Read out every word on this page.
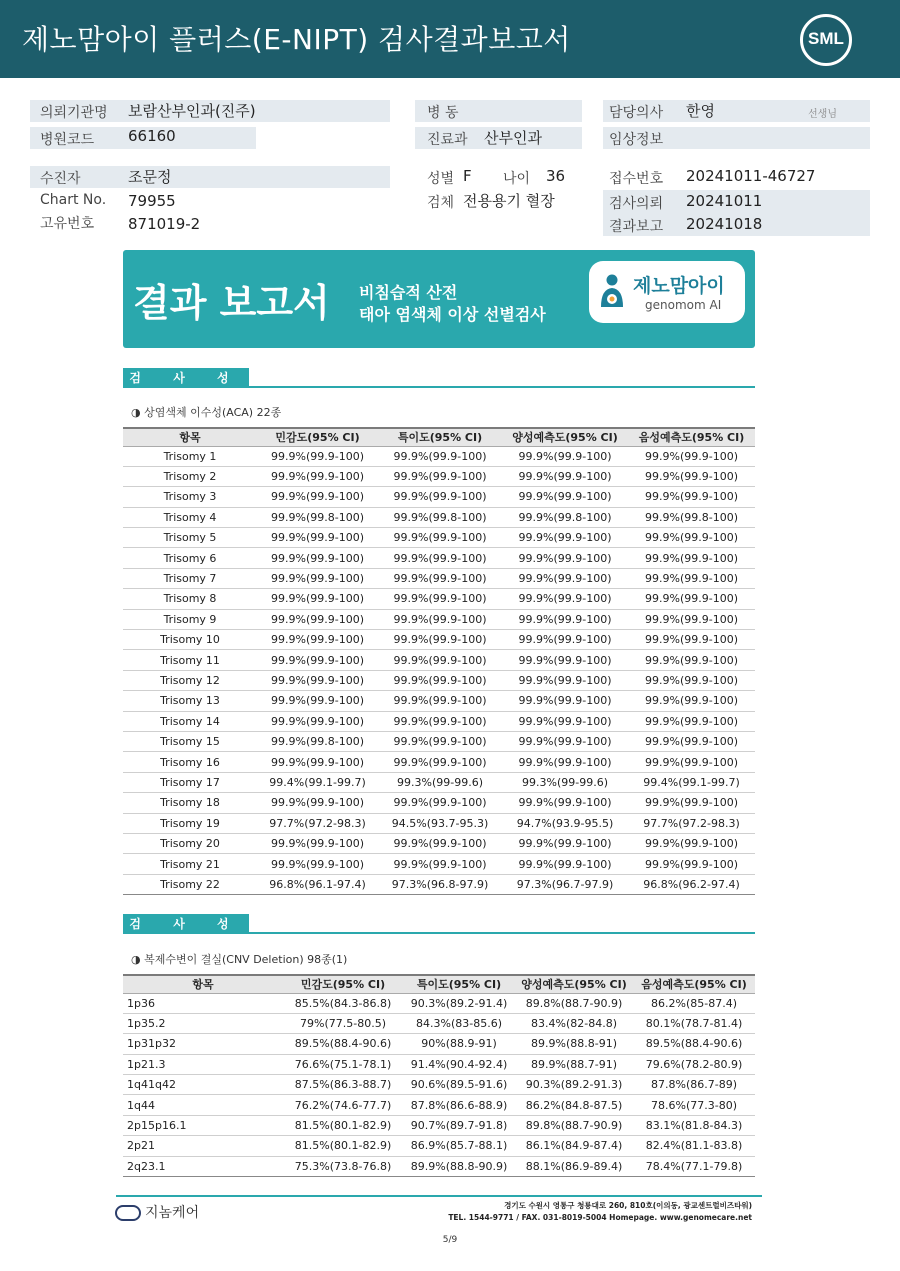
제노맘아이 플러스(E-NIPT) 검사결과보고서	SML
의뢰기관명 보람산부인과(진주)
병원코드 66160
병 동
진료과 산부인과
담당의사 한영	선생님
임상정보
수진자	조문정
Chart No. 79955
고유번호 871019-2
성별 F 나이 36
검체 전용용기 혈장
접수번호 20241011-46727
검사의뢰 20241011
결과보고 20241018
결과 보고서 비침습적 산전
태아 염색체 이상 선별검사
제노맘아이
genomom AI
검 사 성 능
◑ 상염색체 이수성(ACA) 22종
항목	민감도(95% CI)	특이도(95% CI)	양성예측도(95% CI)	음성예측도(95% CI)
Trisomy 1	99.9%(99.9-100)	99.9%(99.9-100)	99.9%(99.9-100)	99.9%(99.9-100)
Trisomy 2	99.9%(99.9-100)	99.9%(99.9-100)	99.9%(99.9-100)	99.9%(99.9-100)
Trisomy 3	99.9%(99.9-100)	99.9%(99.9-100)	99.9%(99.9-100)	99.9%(99.9-100)
Trisomy 4	99.9%(99.8-100)	99.9%(99.8-100)	99.9%(99.8-100)	99.9%(99.8-100)
Trisomy 5	99.9%(99.9-100)	99.9%(99.9-100)	99.9%(99.9-100)	99.9%(99.9-100)
Trisomy 6	99.9%(99.9-100)	99.9%(99.9-100)	99.9%(99.9-100)	99.9%(99.9-100)
Trisomy 7	99.9%(99.9-100)	99.9%(99.9-100)	99.9%(99.9-100)	99.9%(99.9-100)
Trisomy 8	99.9%(99.9-100)	99.9%(99.9-100)	99.9%(99.9-100)	99.9%(99.9-100)
Trisomy 9	99.9%(99.9-100)	99.9%(99.9-100)	99.9%(99.9-100)	99.9%(99.9-100)
Trisomy 10	99.9%(99.9-100)	99.9%(99.9-100)	99.9%(99.9-100)	99.9%(99.9-100)
Trisomy 11	99.9%(99.9-100)	99.9%(99.9-100)	99.9%(99.9-100)	99.9%(99.9-100)
Trisomy 12	99.9%(99.9-100)	99.9%(99.9-100)	99.9%(99.9-100)	99.9%(99.9-100)
Trisomy 13	99.9%(99.9-100)	99.9%(99.9-100)	99.9%(99.9-100)	99.9%(99.9-100)
Trisomy 14	99.9%(99.9-100)	99.9%(99.9-100)	99.9%(99.9-100)	99.9%(99.9-100)
Trisomy 15	99.9%(99.8-100)	99.9%(99.9-100)	99.9%(99.9-100)	99.9%(99.9-100)
Trisomy 16	99.9%(99.9-100)	99.9%(99.9-100)	99.9%(99.9-100)	99.9%(99.9-100)
Trisomy 17	99.4%(99.1-99.7)	99.3%(99-99.6)	99.3%(99-99.6)	99.4%(99.1-99.7)
Trisomy 18	99.9%(99.9-100)	99.9%(99.9-100)	99.9%(99.9-100)	99.9%(99.9-100)
Trisomy 19	97.7%(97.2-98.3)	94.5%(93.7-95.3)	94.7%(93.9-95.5)	97.7%(97.2-98.3)
Trisomy 20	99.9%(99.9-100)	99.9%(99.9-100)	99.9%(99.9-100)	99.9%(99.9-100)
Trisomy 21	99.9%(99.9-100)	99.9%(99.9-100)	99.9%(99.9-100)	99.9%(99.9-100)
Trisomy 22	96.8%(96.1-97.4)	97.3%(96.8-97.9)	97.3%(96.7-97.9)	96.8%(96.2-97.4)
검 사 성 능
◑ 복제수변이 결실(CNV Deletion) 98종(1)
항목	민감도(95% CI)	특이도(95% CI)	양성예측도(95% CI)	음성예측도(95% CI)
1p36	85.5%(84.3-86.8)	90.3%(89.2-91.4)	89.8%(88.7-90.9)	86.2%(85-87.4)
1p35.2	79%(77.5-80.5)	84.3%(83-85.6)	83.4%(82-84.8)	80.1%(78.7-81.4)
1p31p32	89.5%(88.4-90.6)	90%(88.9-91)	89.9%(88.8-91)	89.5%(88.4-90.6)
1p21.3	76.6%(75.1-78.1)	91.4%(90.4-92.4)	89.9%(88.7-91)	79.6%(78.2-80.9)
1q41q42	87.5%(86.3-88.7)	90.6%(89.5-91.6)	90.3%(89.2-91.3)	87.8%(86.7-89)
1q44	76.2%(74.6-77.7)	87.8%(86.6-88.9)	86.2%(84.8-87.5)	78.6%(77.3-80)
2p15p16.1	81.5%(80.1-82.9)	90.7%(89.7-91.8)	89.8%(88.7-90.9)	83.1%(81.8-84.3)
2p21	81.5%(80.1-82.9)	86.9%(85.7-88.1)	86.1%(84.9-87.4)	82.4%(81.1-83.8)
2q23.1	75.3%(73.8-76.8)	89.9%(88.8-90.9)	88.1%(86.9-89.4)	78.4%(77.1-79.8)
지놈케어	경기도 수원시 영통구 청룡대로 260, 810호(이의동, 광교센트럴비즈타워)
TEL. 1544-9771 / FAX. 031-8019-5004 Homepage. www.genomecare.net
5/9
